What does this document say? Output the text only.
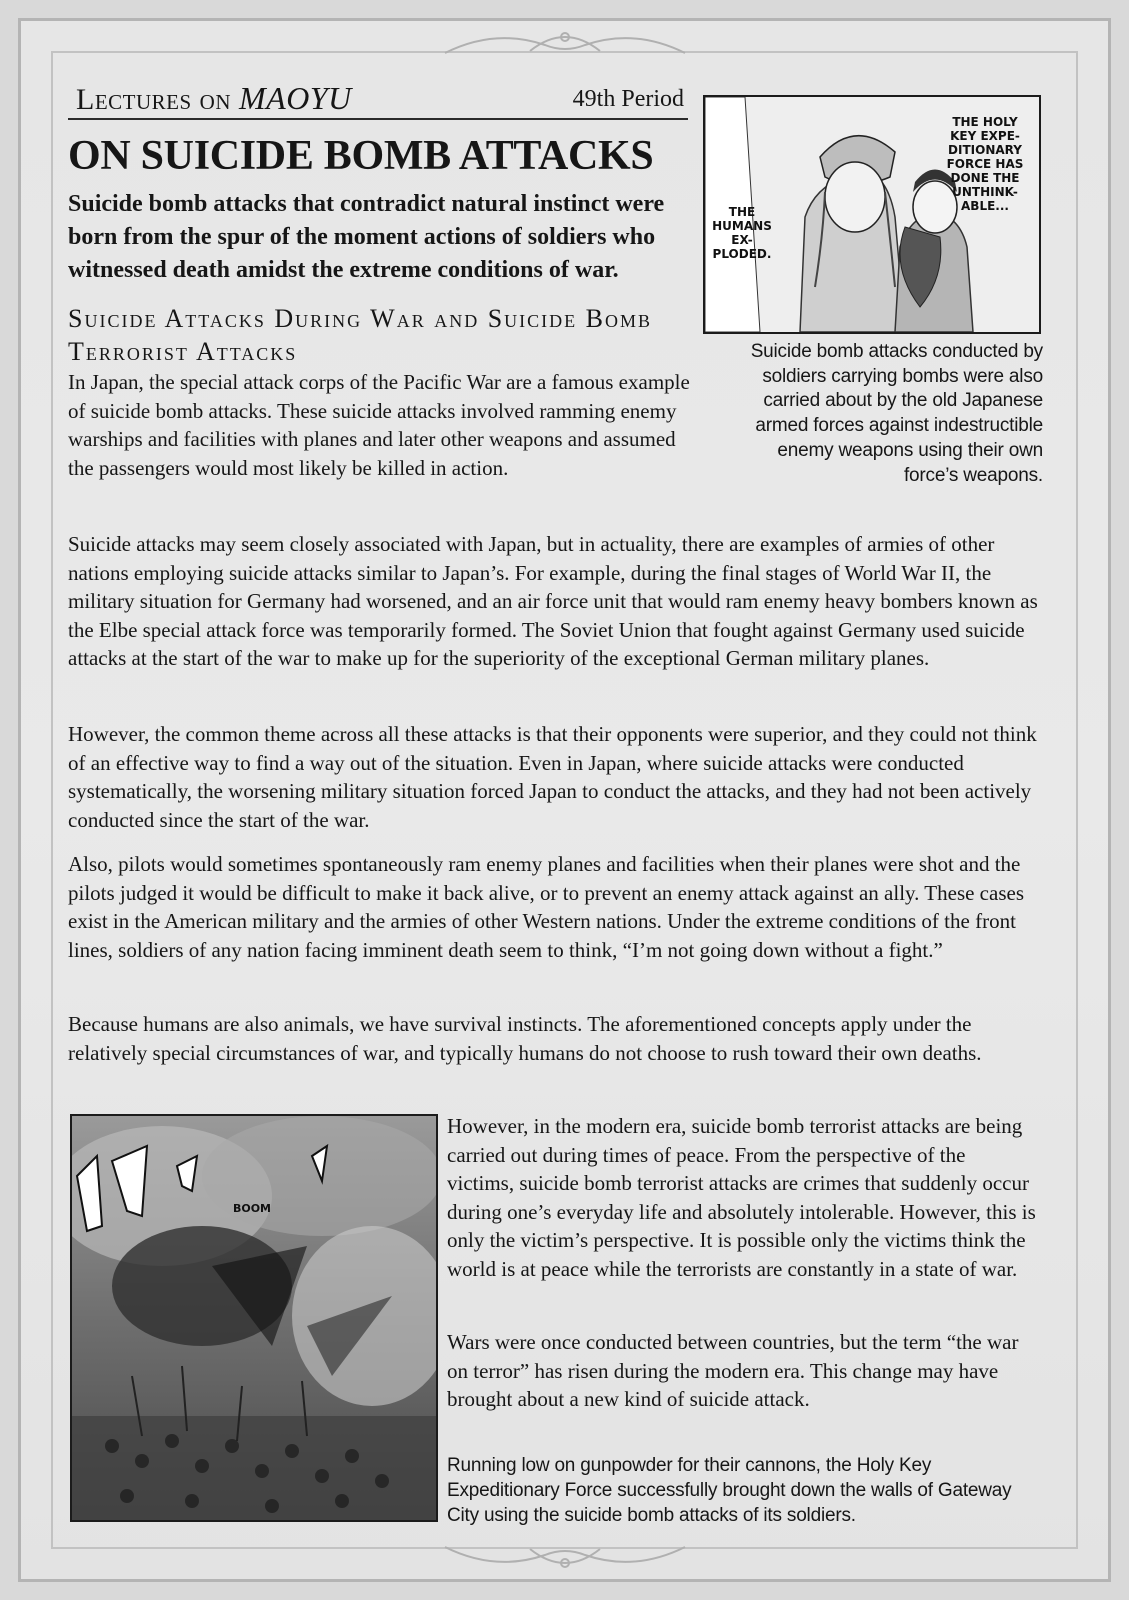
Lectures on MAOYU	49th Period
ON SUICIDE BOMB ATTACKS
Suicide bomb attacks that contradict natural instinct were born from the spur of the moment actions of soldiers who witnessed death amidst the extreme conditions of war.
Suicide Attacks During War and Suicide Bomb Terrorist Attacks
In Japan, the special attack corps of the Pacific War are a famous example of suicide bomb attacks. These suicide attacks involved ramming enemy warships and facilities with planes and later other weapons and assumed the passengers would most likely be killed in action.
THE HOLY KEY EXPE- DITIONARY FORCE HAS DONE THE UNTHINK- ABLE...
THE HUMANS EX- PLODED.
Suicide bomb attacks conducted by soldiers carrying bombs were also carried about by the old Japanese armed forces against indestructible enemy weapons using their own force’s weapons.
Suicide attacks may seem closely associated with Japan, but in actuality, there are examples of armies of other nations employing suicide attacks similar to Japan’s. For example, during the final stages of World War II, the military situation for Germany had worsened, and an air force unit that would ram enemy heavy bombers known as the Elbe special attack force was temporarily formed. The Soviet Union that fought against Germany used suicide attacks at the start of the war to make up for the superiority of the exceptional German military planes.
However, the common theme across all these attacks is that their opponents were superior, and they could not think of an effective way to find a way out of the situation. Even in Japan, where suicide attacks were conducted systematically, the worsening military situation forced Japan to conduct the attacks, and they had not been actively conducted since the start of the war.
Also, pilots would sometimes spontaneously ram enemy planes and facilities when their planes were shot and the pilots judged it would be difficult to make it back alive, or to prevent an enemy attack against an ally. These cases exist in the American military and the armies of other Western nations. Under the extreme conditions of the front lines, soldiers of any nation facing imminent death seem to think, “I’m not going down without a fight.”
Because humans are also animals, we have survival instincts. The aforementioned concepts apply under the relatively special circumstances of war, and typically humans do not choose to rush toward their own deaths.
BOOM
However, in the modern era, suicide bomb terrorist attacks are being carried out during times of peace. From the perspective of the victims, suicide bomb terrorist attacks are crimes that suddenly occur during one’s everyday life and absolutely intolerable. However, this is only the victim’s perspective. It is possible only the victims think the world is at peace while the terrorists are constantly in a state of war.
Wars were once conducted between countries, but the term “the war on terror” has risen during the modern era. This change may have brought about a new kind of suicide attack.
Running low on gunpowder for their cannons, the Holy Key Expeditionary Force successfully brought down the walls of Gateway City using the suicide bomb attacks of its soldiers.
